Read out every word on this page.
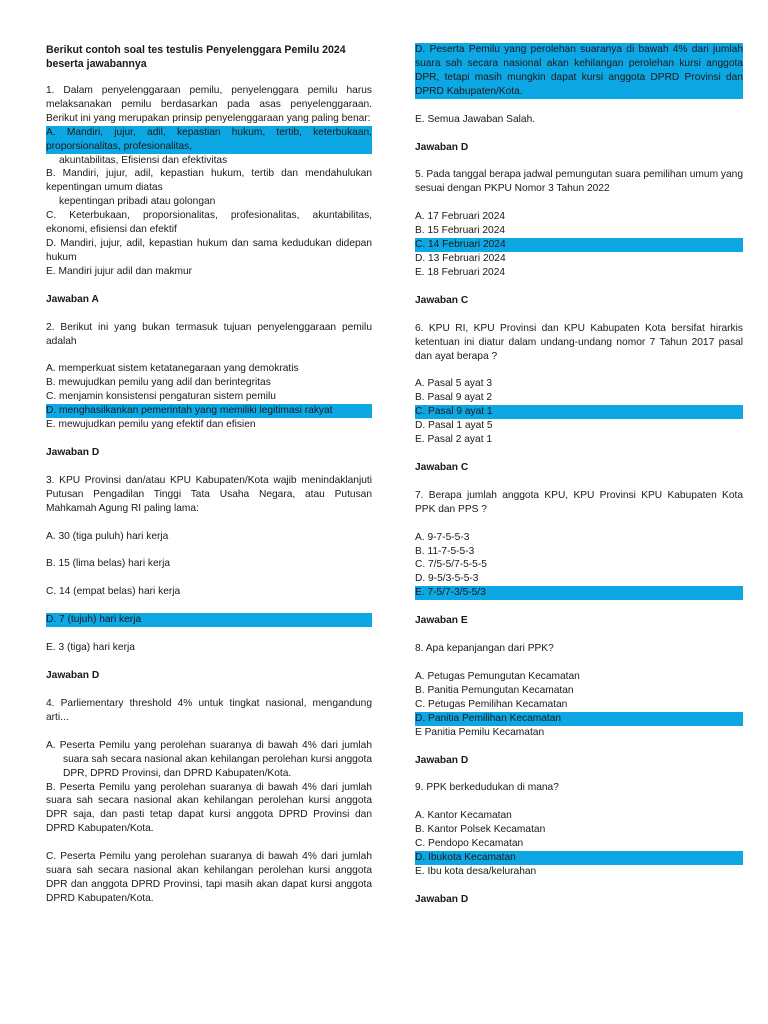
Berikut contoh soal tes testulis Penyelenggara Pemilu 2024 beserta jawabannya

1. Dalam penyelenggaraan pemilu, penyelenggara pemilu harus melaksanakan pemilu berdasarkan pada asas penyelenggaraan. Berikut ini yang merupakan prinsip penyelenggaraan yang paling benar:

A. Mandiri, jujur, adil, kepastian hukum, tertib, keterbukaan, proporsionalitas, profesionalitas,
akuntabilitas, Efisiensi dan efektivitas
B. Mandiri, jujur, adil, kepastian hukum, tertib dan mendahulukan kepentingan umum diatas
kepentingan pribadi atau golongan
C. Keterbukaan, proporsionalitas, profesionalitas, akuntabilitas, ekonomi, efisiensi dan efektif
D. Mandiri, jujur, adil, kepastian hukum dan sama kedudukan didepan hukum
E. Mandiri jujur adil dan makmur

Jawaban A

2. Berikut ini yang bukan termasuk tujuan penyelenggaraan pemilu adalah

A. memperkuat sistem ketatanegaraan yang demokratis
B. mewujudkan pemilu yang adil dan berintegritas
C. menjamin konsistensi pengaturan sistem pemilu
D. menghasilkankan pemerintah yang memiliki legitimasi rakyat
E. mewujudkan pemilu yang efektif dan efisien

Jawaban D

3. KPU Provinsi dan/atau KPU Kabupaten/Kota wajib menindaklanjuti Putusan Pengadilan Tinggi Tata Usaha Negara, atau Putusan Mahkamah Agung RI paling lama:

A. 30 (tiga puluh) hari kerja
B. 15 (lima belas) hari kerja
C. 14 (empat belas) hari kerja
D. 7 (tujuh) hari kerja
E. 3 (tiga) hari kerja

Jawaban D

4. Parliementary threshold 4% untuk tingkat nasional, mengandung arti...

A. Peserta Pemilu yang perolehan suaranya di bawah 4% dari jumlah suara sah secara nasional akan kehilangan perolehan kursi anggota DPR, DPRD Provinsi, dan DPRD Kabupaten/Kota.

B. Peserta Pemilu yang perolehan suaranya di bawah 4% dari jumlah suara sah secara nasional akan kehilangan perolehan kursi anggota DPR saja, dan pasti tetap dapat kursi anggota DPRD Provinsi dan DPRD Kabupaten/Kota.

C. Peserta Pemilu yang perolehan suaranya di bawah 4% dari jumlah suara sah secara nasional akan kehilangan perolehan kursi anggota DPR dan anggota DPRD Provinsi, tapi masih akan dapat kursi anggota DPRD Kabupaten/Kota.

D. Peserta Pemilu yang perolehan suaranya di bawah 4% dari jumlah suara sah secara nasional akan kehilangan perolehan kursi anggota DPR, tetapi masih mungkin dapat kursi anggota DPRD Provinsi dan DPRD Kabupaten/Kota.

E. Semua Jawaban Salah.

Jawaban D

5. Pada tanggal berapa jadwal pemungutan suara pemilihan umum yang sesuai dengan PKPU Nomor 3 Tahun 2022

A. 17 Februari 2024
B. 15 Februari 2024
C. 14 Februari 2024
D. 13 Februari 2024
E. 18 Februari 2024

Jawaban C

6. KPU RI, KPU Provinsi dan KPU Kabupaten Kota bersifat hirarkis ketentuan ini diatur dalam undang-undang nomor 7 Tahun 2017 pasal dan ayat berapa ?

A. Pasal 5 ayat 3
B. Pasal 9 ayat 2
C. Pasal 9 ayat 1
D. Pasal 1 ayat 5
E. Pasal 2 ayat 1

Jawaban C

7. Berapa jumlah anggota KPU, KPU Provinsi KPU Kabupaten Kota PPK dan PPS ?

A. 9-7-5-5-3
B. 11-7-5-5-3
C. 7/5-5/7-5-5-5
D. 9-5/3-5-5-3
E. 7-5/7-3/5-5/3

Jawaban E

8. Apa kepanjangan dari PPK?

A. Petugas Pemungutan Kecamatan
B. Panitia Pemungutan Kecamatan
C. Petugas Pemilihan Kecamatan
D. Panitia Pemilihan Kecamatan
E Panitia Pemilu Kecamatan

Jawaban D

9. PPK berkedudukan di mana?

A. Kantor Kecamatan
B. Kantor Polsek Kecamatan
C. Pendopo Kecamatan
D. Ibukota Kecamatan
E. Ibu kota desa/kelurahan

Jawaban D
